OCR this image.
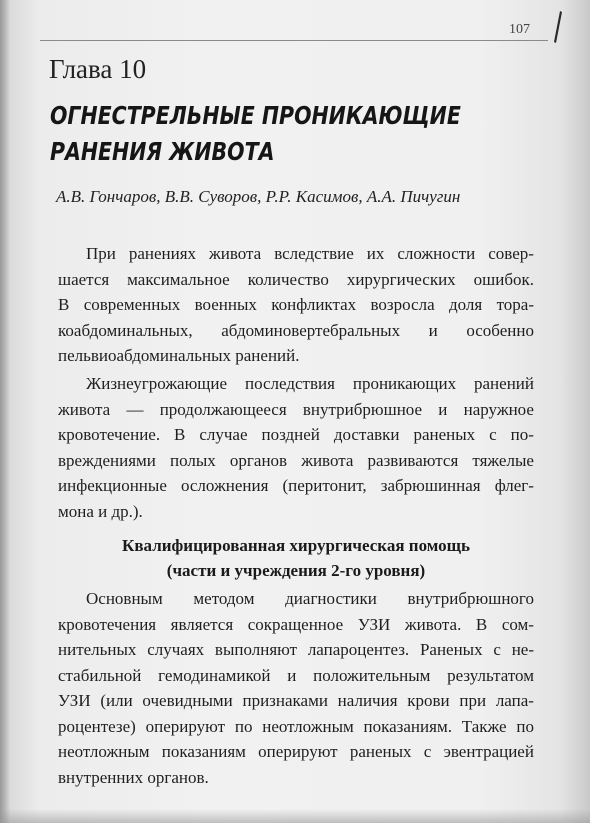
107
Глава 10
ОГНЕСТРЕЛЬНЫЕ ПРОНИКАЮЩИЕ
РАНЕНИЯ ЖИВОТА
А.В. Гончаров, В.В. Суворов, Р.Р. Касимов, А.А. Пичугин
При ранениях живота вследствие их сложности совер-
шается максимальное количество хирургических ошибок.
В современных военных конфликтах возросла доля тора-
коабдоминальных, абдоминовертебральных и особенно
пельвиоабдоминальных ранений.
Жизнеугрожающие последствия проникающих ранений
живота — продолжающееся внутрибрюшное и наружное
кровотечение. В случае поздней доставки раненых с по-
вреждениями полых органов живота развиваются тяжелые
инфекционные осложнения (перитонит, забрюшинная флег-
мона и др.).
Квалифицированная хирургическая помощь
(части и учреждения 2-го уровня)
Основным методом диагностики внутрибрюшного
кровотечения является сокращенное УЗИ живота. В сом-
нительных случаях выполняют лапароцентез. Раненых с не-
стабильной гемодинамикой и положительным результатом
УЗИ (или очевидными признаками наличия крови при лапа-
роцентезе) оперируют по неотложным показаниям. Также по
неотложным показаниям оперируют раненых с эвентрацией
внутренних органов.
